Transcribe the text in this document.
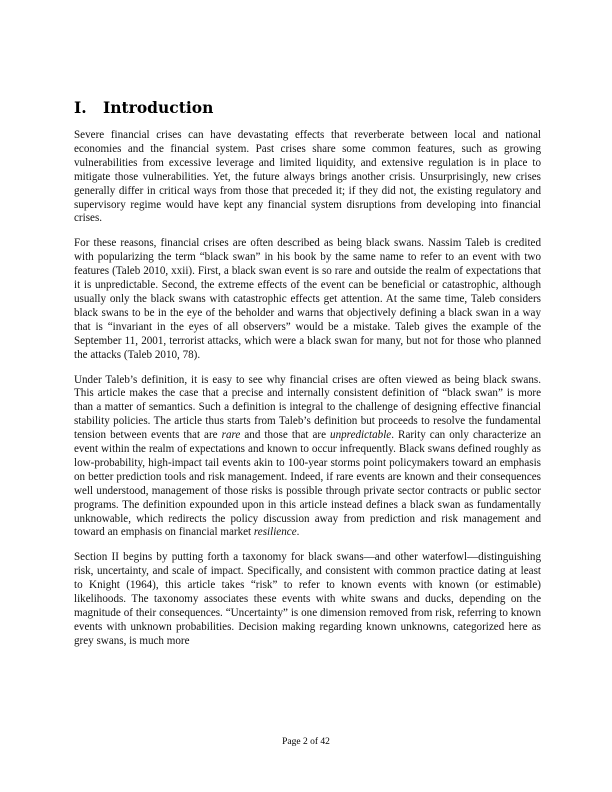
I.	Introduction

Severe financial crises can have devastating effects that reverberate between local and national economies and the financial system. Past crises share some common features, such as growing vulnerabilities from excessive leverage and limited liquidity, and extensive regulation is in place to mitigate those vulnerabilities. Yet, the future always brings another crisis. Unsurprisingly, new crises generally differ in critical ways from those that preceded it; if they did not, the existing regulatory and supervisory regime would have kept any financial system disruptions from developing into financial crises.

For these reasons, financial crises are often described as being black swans. Nassim Taleb is credited with popularizing the term “black swan” in his book by the same name to refer to an event with two features (Taleb 2010, xxii). First, a black swan event is so rare and outside the realm of expectations that it is unpredictable. Second, the extreme effects of the event can be beneficial or catastrophic, although usually only the black swans with catastrophic effects get attention. At the same time, Taleb considers black swans to be in the eye of the beholder and warns that objectively defining a black swan in a way that is “invariant in the eyes of all observers” would be a mistake. Taleb gives the example of the September 11, 2001, terrorist attacks, which were a black swan for many, but not for those who planned the attacks (Taleb 2010, 78).

Under Taleb’s definition, it is easy to see why financial crises are often viewed as being black swans. This article makes the case that a precise and internally consistent definition of “black swan” is more than a matter of semantics. Such a definition is integral to the challenge of designing effective financial stability policies. The article thus starts from Taleb’s definition but proceeds to resolve the fundamental tension between events that are rare and those that are unpredictable. Rarity can only characterize an event within the realm of expectations and known to occur infrequently. Black swans defined roughly as low-probability, high-impact tail events akin to 100-year storms point policymakers toward an emphasis on better prediction tools and risk management. Indeed, if rare events are known and their consequences well understood, management of those risks is possible through private sector contracts or public sector programs. The definition expounded upon in this article instead defines a black swan as fundamentally unknowable, which redirects the policy discussion away from prediction and risk management and toward an emphasis on financial market resilience.

Section II begins by putting forth a taxonomy for black swans—and other waterfowl—distinguishing risk, uncertainty, and scale of impact. Specifically, and consistent with common practice dating at least to Knight (1964), this article takes “risk” to refer to known events with known (or estimable) likelihoods. The taxonomy associates these events with white swans and ducks, depending on the magnitude of their consequences. “Uncertainty” is one dimension removed from risk, referring to known events with unknown probabilities. Decision making regarding known unknowns, categorized here as grey swans, is much more

Page 2 of 42
